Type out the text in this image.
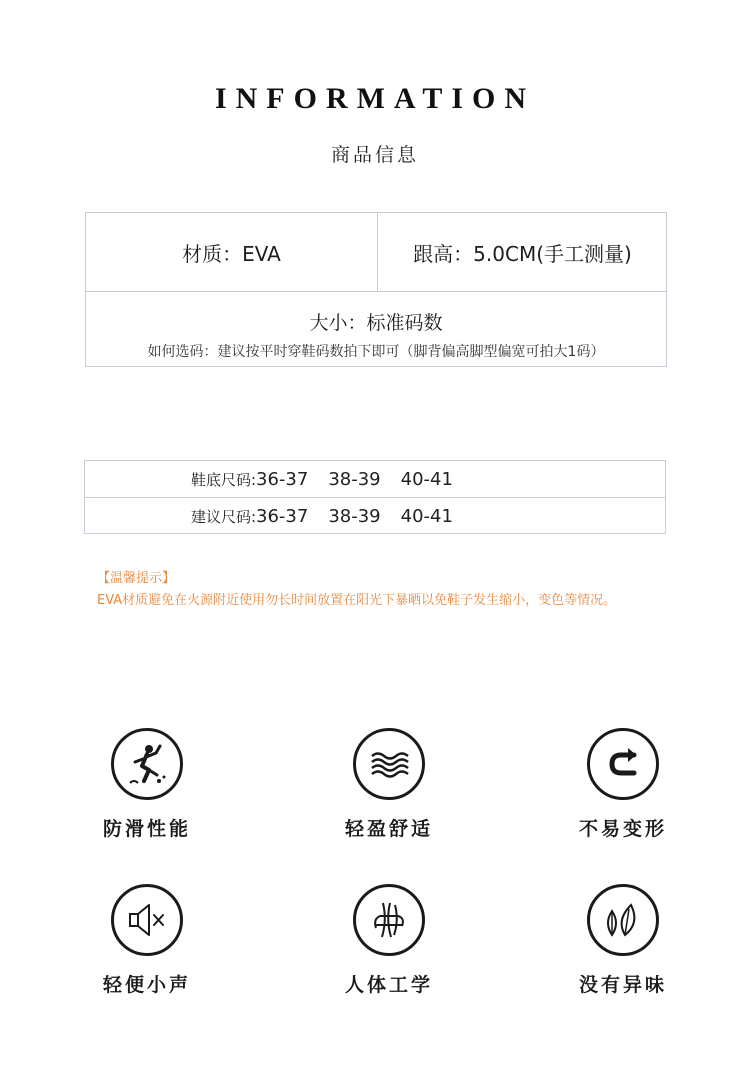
INFORMATION
商品信息
材质：EVA	跟高：5.0CM(手工测量)
大小：标准码数
如何选码：建议按平时穿鞋码数拍下即可（脚背偏高脚型偏宽可拍大1码）
鞋底尺码: 36-37 38-39 40-41
建议尺码: 36-37 38-39 40-41
【温馨提示】
EVA材质避免在火源附近使用勿长时间放置在阳光下暴晒以免鞋子发生缩小，变色等情况。
防滑性能	轻盈舒适	不易变形
轻便小声	人体工学	没有异味
